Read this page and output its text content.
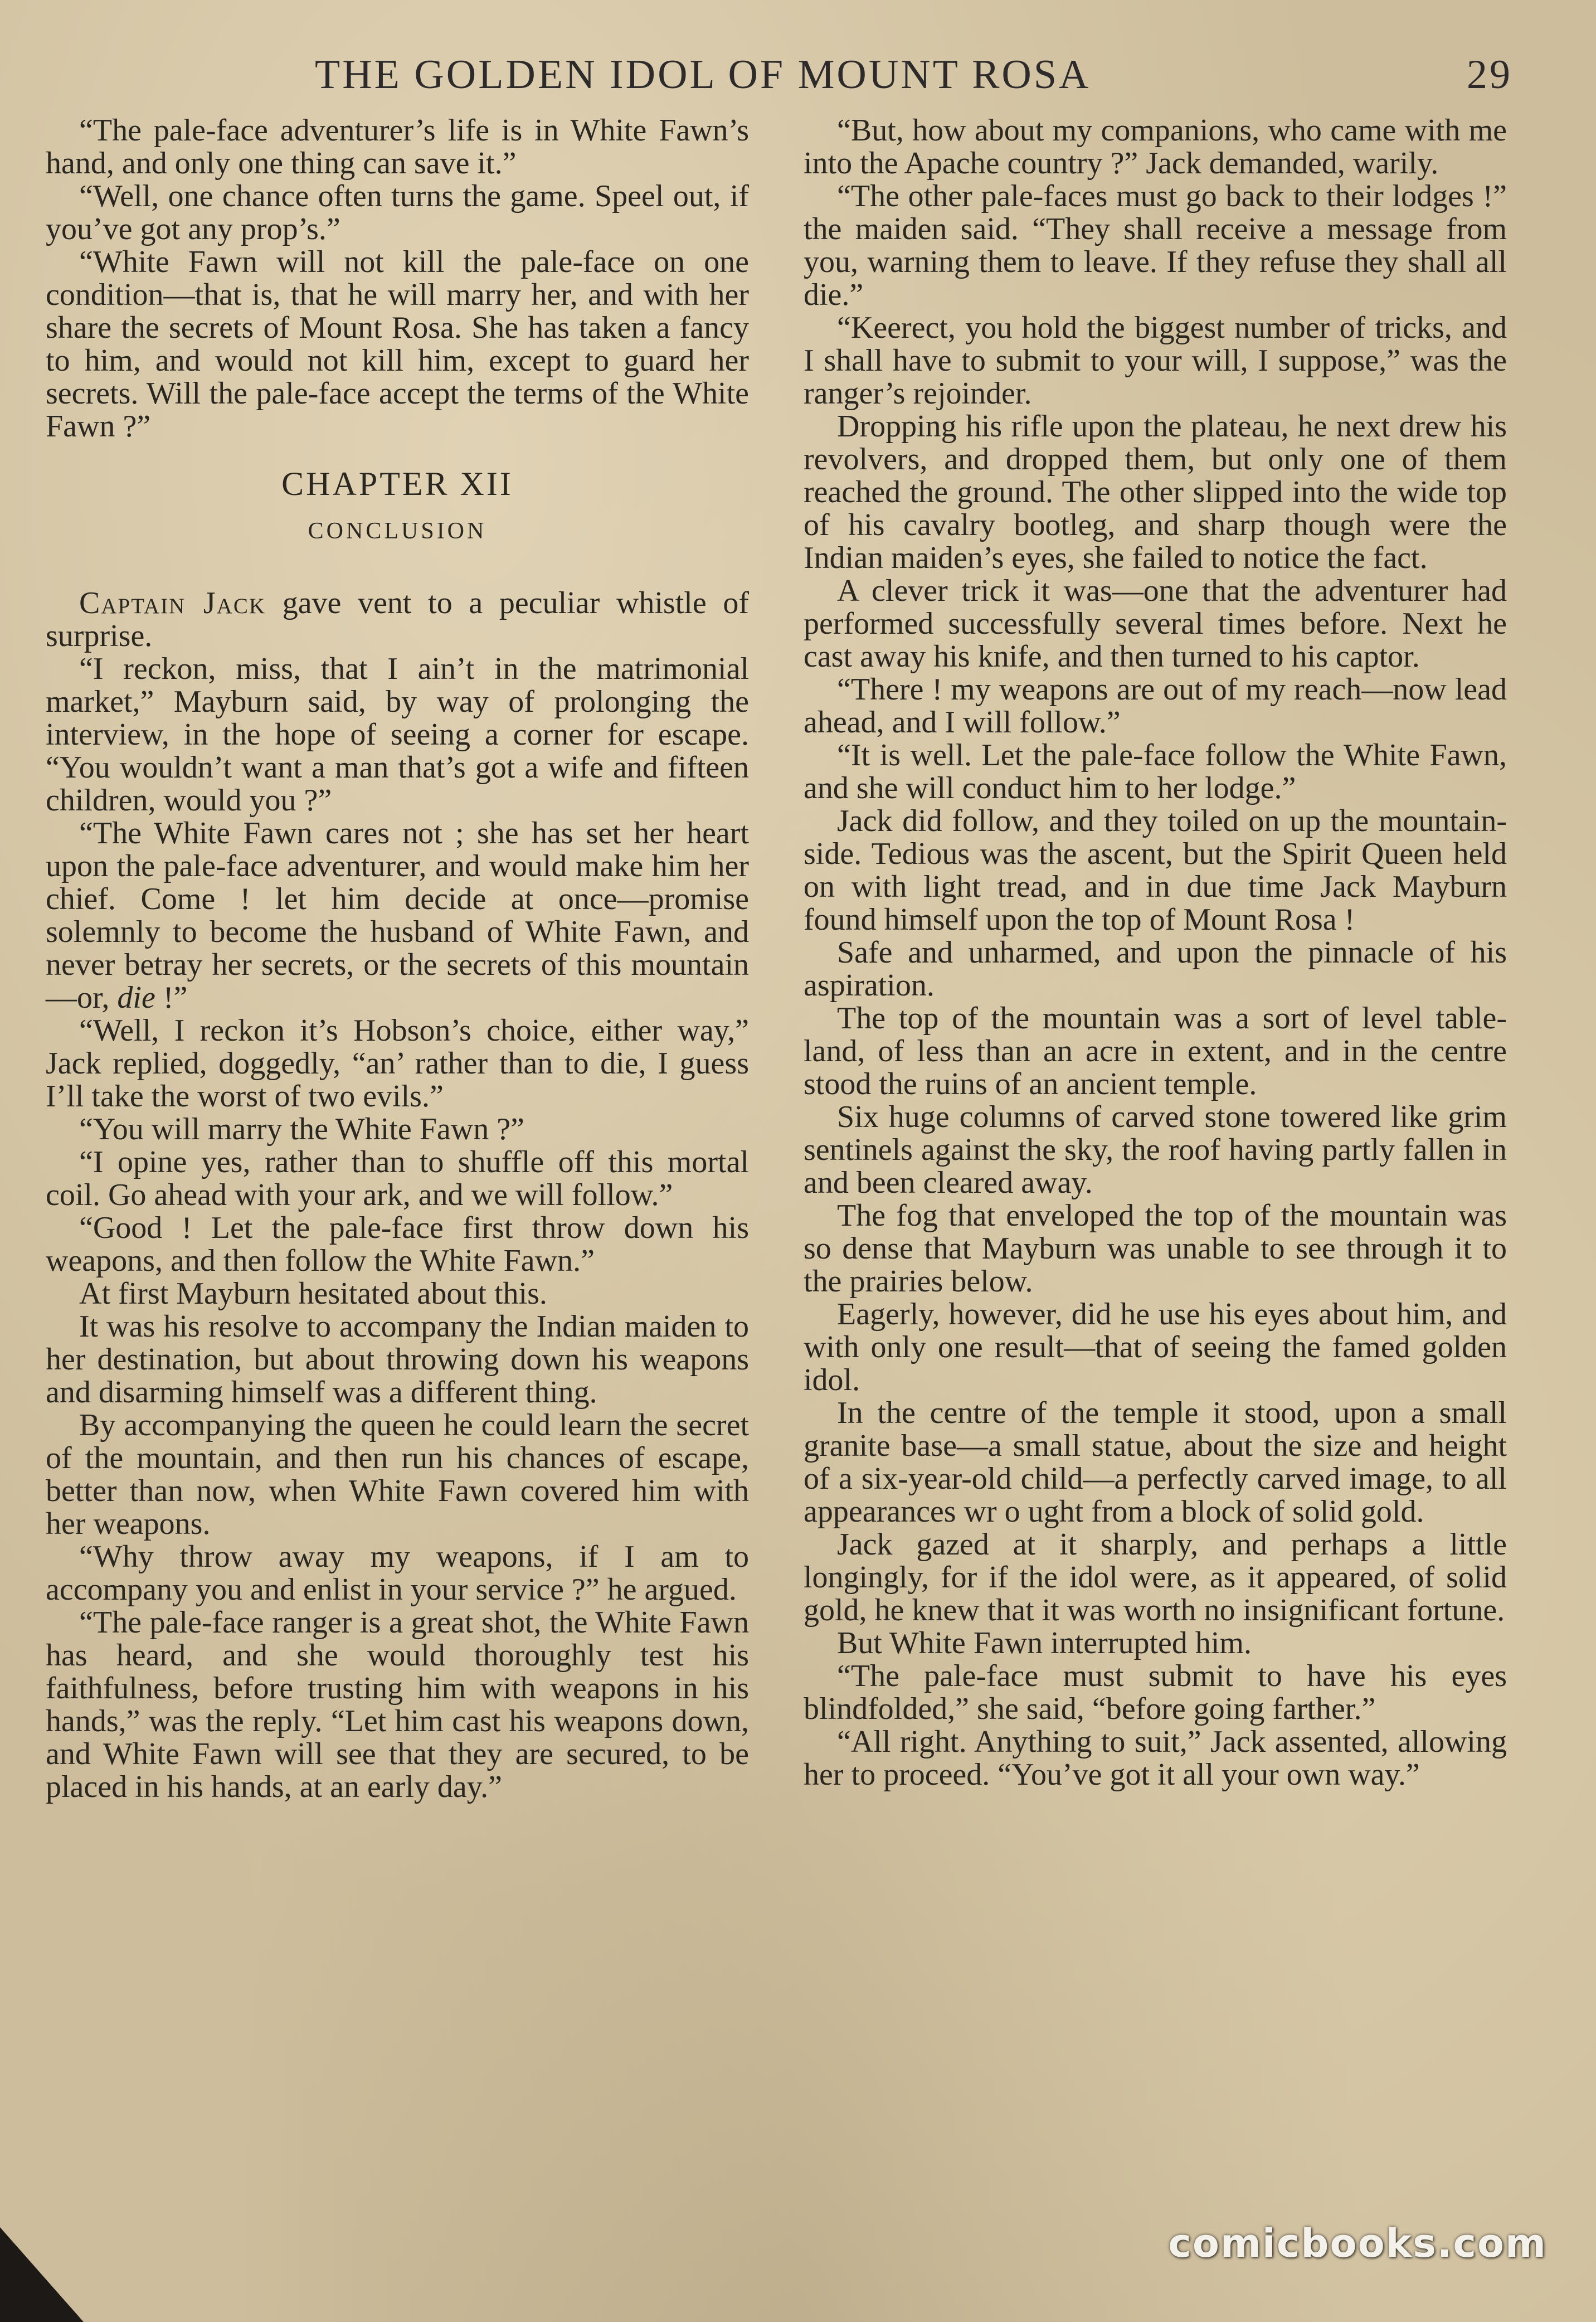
THE GOLDEN IDOL OF MOUNT ROSA	29

“The pale-face adventurer’s life is in White Fawn’s hand, and only one thing can save it.”

“Well, one chance often turns the game. Speel out, if you’ve got any prop’s.”

“White Fawn will not kill the pale-face on one condition—that is, that he will marry her, and with her share the secrets of Mount Rosa. She has taken a fancy to him, and would not kill him, except to guard her secrets. Will the pale-face accept the terms of the White Fawn ?”

CHAPTER XII
CONCLUSION

Captain Jack gave vent to a peculiar whistle of surprise.

“I reckon, miss, that I ain’t in the matrimonial market,” Mayburn said, by way of prolonging the interview, in the hope of seeing a corner for escape. “You wouldn’t want a man that’s got a wife and fifteen children, would you ?”

“The White Fawn cares not ; she has set her heart upon the pale-face adventurer, and would make him her chief. Come ! let him decide at once—promise solemnly to become the husband of White Fawn, and never betray her secrets, or the secrets of this mountain—or, die !”

“Well, I reckon it’s Hobson’s choice, either way,” Jack replied, doggedly, “an’ rather than to die, I guess I’ll take the worst of two evils.”

“You will marry the White Fawn ?”

“I opine yes, rather than to shuffle off this mortal coil. Go ahead with your ark, and we will follow.”

“Good ! Let the pale-face first throw down his weapons, and then follow the White Fawn.”

At first Mayburn hesitated about this.

It was his resolve to accompany the Indian maiden to her destination, but about throwing down his weapons and disarming himself was a different thing.

By accompanying the queen he could learn the secret of the mountain, and then run his chances of escape, better than now, when White Fawn covered him with her weapons.

“Why throw away my weapons, if I am to accompany you and enlist in your service ?” he argued.

“The pale-face ranger is a great shot, the White Fawn has heard, and she would thoroughly test his faithfulness, before trusting him with weapons in his hands,” was the reply. “Let him cast his weapons down, and White Fawn will see that they are secured, to be placed in his hands, at an early day.”

“But, how about my companions, who came with me into the Apache country ?” Jack demanded, warily.

“The other pale-faces must go back to their lodges !” the maiden said. “They shall receive a message from you, warning them to leave. If they refuse they shall all die.”

“Keerect, you hold the biggest number of tricks, and I shall have to submit to your will, I suppose,” was the ranger’s rejoinder.

Dropping his rifle upon the plateau, he next drew his revolvers, and dropped them, but only one of them reached the ground. The other slipped into the wide top of his cavalry bootleg, and sharp though were the Indian maiden’s eyes, she failed to notice the fact.

A clever trick it was—one that the adventurer had performed successfully several times before. Next he cast away his knife, and then turned to his captor.

“There ! my weapons are out of my reach—now lead ahead, and I will follow.”

“It is well. Let the pale-face follow the White Fawn, and she will conduct him to her lodge.”

Jack did follow, and they toiled on up the mountain-side. Tedious was the ascent, but the Spirit Queen held on with light tread, and in due time Jack Mayburn found himself upon the top of Mount Rosa !

Safe and unharmed, and upon the pinnacle of his aspiration.

The top of the mountain was a sort of level table-land, of less than an acre in extent, and in the centre stood the ruins of an ancient temple.

Six huge columns of carved stone towered like grim sentinels against the sky, the roof having partly fallen in and been cleared away.

The fog that enveloped the top of the mountain was so dense that Mayburn was unable to see through it to the prairies below.

Eagerly, however, did he use his eyes about him, and with only one result—that of seeing the famed golden idol.

In the centre of the temple it stood, upon a small granite base—a small statue, about the size and height of a six-year-old child—a perfectly carved image, to all appearances wr o ught from a block of solid gold.

Jack gazed at it sharply, and perhaps a little longingly, for if the idol were, as it appeared, of solid gold, he knew that it was worth no insignificant fortune.

But White Fawn interrupted him.

“The pale-face must submit to have his eyes blindfolded,” she said, “before going farther.”

“All right. Anything to suit,” Jack assented, allowing her to proceed. “You’ve got it all your own way.”

comicbooks.com
